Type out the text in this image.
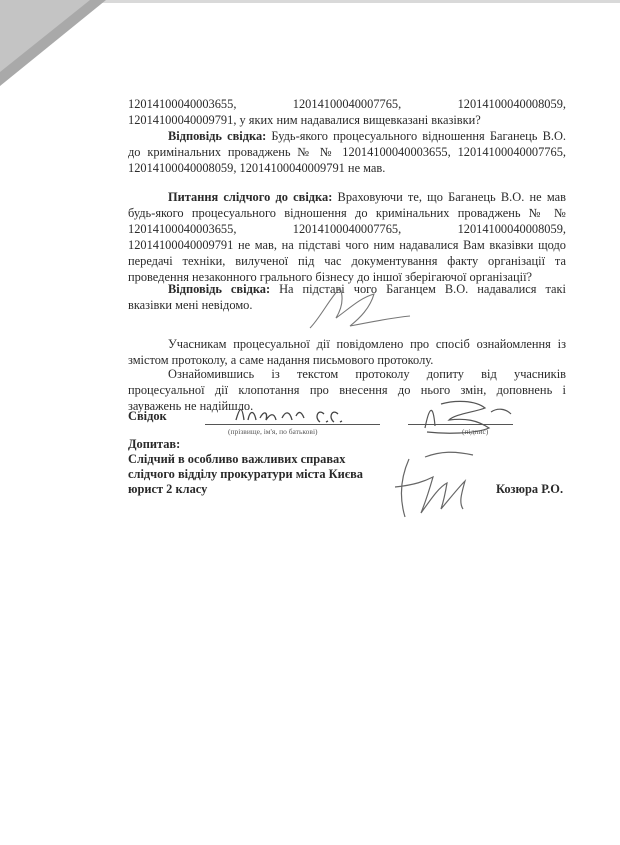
12014100040003655,	12014100040007765,	12014100040008059,
12014100040009791, у яких ним надавалися вищевказані вказівки?
Відповідь свідка: Будь-якого процесуального відношення Баганець В.О.
до кримінальних проваджень № № 12014100040003655, 12014100040007765,
12014100040008059, 12014100040009791 не мав.
Питання слідчого до свідка: Враховуючи те, що Баганець В.О. не мав
будь-якого процесуального відношення до кримінальних проваджень № №
12014100040003655,	12014100040007765,	12014100040008059,
12014100040009791 не мав, на підставі чого ним надавалися Вам вказівки щодо
передачі техніки, вилученої під час документування факту організації та
проведення незаконного грального бізнесу до іншої зберігаючої організації?
Відповідь свідка: На підставі чого Баганцем В.О. надавалися такі
вказівки мені невідомо.
Учасникам процесуальної дії повідомлено про спосіб ознайомлення із
змістом протоколу, а саме надання письмового протоколу.
Ознайомившись із текстом протоколу допиту від учасників
процесуальної дії клопотання про внесення до нього змін, доповнень і
зауважень не надійшло.
Свідок
(прізвище, ім'я, по батькові)	(підпис)
Допитав:
Слідчий в особливо важливих справах
слідчого відділу прокуратури міста Києва
юрист 2 класу	Козюра Р.О.
